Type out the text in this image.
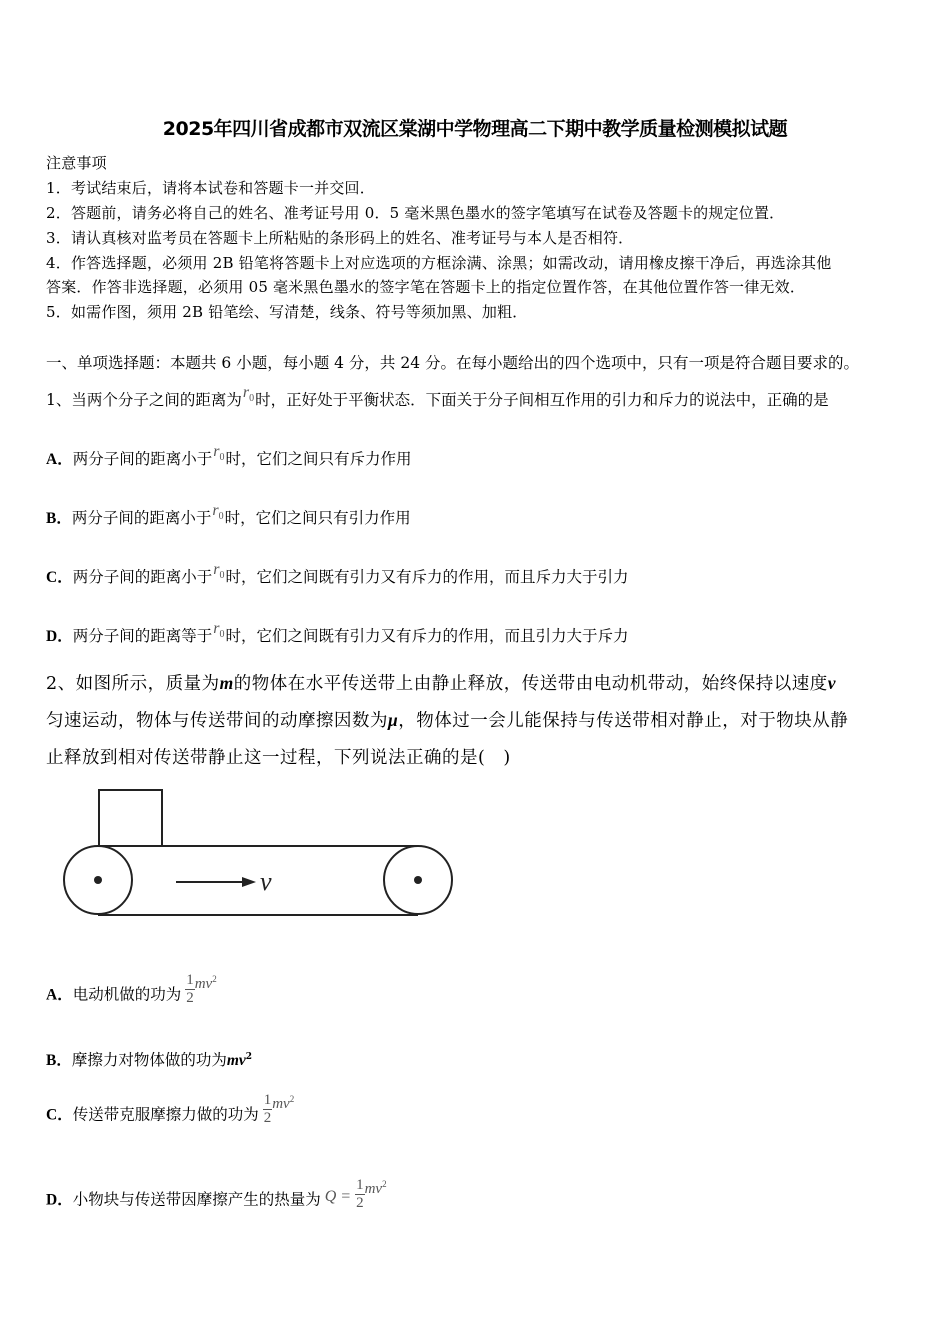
2025年四川省成都市双流区棠湖中学物理高二下期中教学质量检测模拟试题
注意事项
1．考试结束后，请将本试卷和答题卡一并交回．
2．答题前，请务必将自己的姓名、准考证号用 0．5 毫米黑色墨水的签字笔填写在试卷及答题卡的规定位置．
3．请认真核对监考员在答题卡上所粘贴的条形码上的姓名、准考证号与本人是否相符．
4．作答选择题，必须用 2B 铅笔将答题卡上对应选项的方框涂满、涂黑；如需改动，请用橡皮擦干净后，再选涂其他
答案．作答非选择题，必须用 05 毫米黑色墨水的签字笔在答题卡上的指定位置作答，在其他位置作答一律无效．
5．如需作图，须用 2B 铅笔绘、写清楚，线条、符号等须加黑、加粗．
一、单项选择题：本题共 6 小题，每小题 4 分，共 24 分。在每小题给出的四个选项中，只有一项是符合题目要求的。
1、当两个分子之间的距离为$r_0$时，正好处于平衡状态．下面关于分子间相互作用的引力和斥力的说法中，正确的是
A．两分子间的距离小于$r_0$时，它们之间只有斥力作用
B．两分子间的距离小于$r_0$时，它们之间只有引力作用
C．两分子间的距离小于$r_0$时，它们之间既有引力又有斥力的作用，而且斥力大于引力
D．两分子间的距离等于$r_0$时，它们之间既有引力又有斥力的作用，而且引力大于斥力
2、如图所示，质量为m的物体在水平传送带上由静止释放，传送带由电动机带动，始终保持以速度v
匀速运动，物体与传送带间的动摩擦因数为μ，物体过一会儿能保持与传送带相对静止，对于物块从静
止释放到相对传送带静止这一过程，下列说法正确的是(　)
v
A．电动机做的功为 $\frac{1}{2} mv^2$
B．摩擦力对物体做的功为$mv^2$
C．传送带克服摩擦力做的功为 $\frac{1}{2} mv^2$
D．小物块与传送带因摩擦产生的热量为 $Q = \frac{1}{2} mv^2$
